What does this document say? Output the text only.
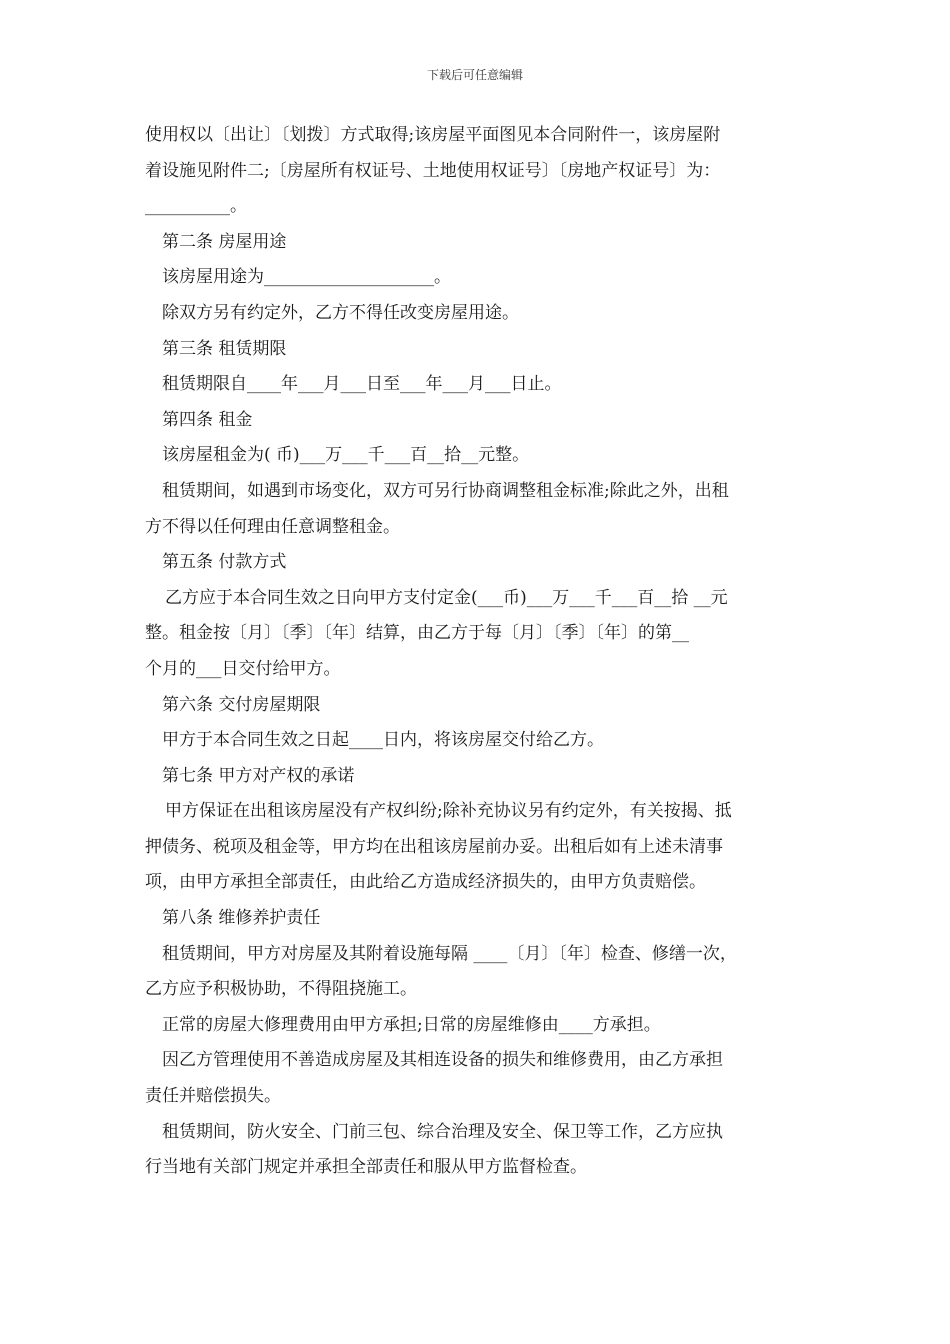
下载后可任意编辑
使用权以〔出让〕〔划拨〕方式取得;该房屋平面图见本合同附件一，该房屋附
着设施见附件二;〔房屋所有权证号、土地使用权证号〕〔房地产权证号〕为：
__________。
第二条 房屋用途
该房屋用途为____________________。
除双方另有约定外，乙方不得任改变房屋用途。
第三条 租赁期限
租赁期限自____年___月___日至___年___月___日止。
第四条 租金
该房屋租金为( 币)___万___千___百__拾__元整。
租赁期间，如遇到市场变化，双方可另行协商调整租金标准;除此之外，出租
方不得以任何理由任意调整租金。
第五条 付款方式
乙方应于本合同生效之日向甲方支付定金(___币)___万___千___百__拾 __元
整。租金按〔月〕〔季〕〔年〕结算，由乙方于每〔月〕〔季〕〔年〕的第__
个月的___日交付给甲方。
第六条 交付房屋期限
甲方于本合同生效之日起____日内，将该房屋交付给乙方。
第七条 甲方对产权的承诺
甲方保证在出租该房屋没有产权纠纷;除补充协议另有约定外，有关按揭、抵
押债务、税项及租金等，甲方均在出租该房屋前办妥。出租后如有上述未清事
项，由甲方承担全部责任，由此给乙方造成经济损失的，由甲方负责赔偿。
第八条 维修养护责任
租赁期间，甲方对房屋及其附着设施每隔 ____〔月〕〔年〕检查、修缮一次，
乙方应予积极协助，不得阻挠施工。
正常的房屋大修理费用由甲方承担;日常的房屋维修由____方承担。
因乙方管理使用不善造成房屋及其相连设备的损失和维修费用，由乙方承担
责任并赔偿损失。
租赁期间，防火安全、门前三包、综合治理及安全、保卫等工作，乙方应执
行当地有关部门规定并承担全部责任和服从甲方监督检查。
